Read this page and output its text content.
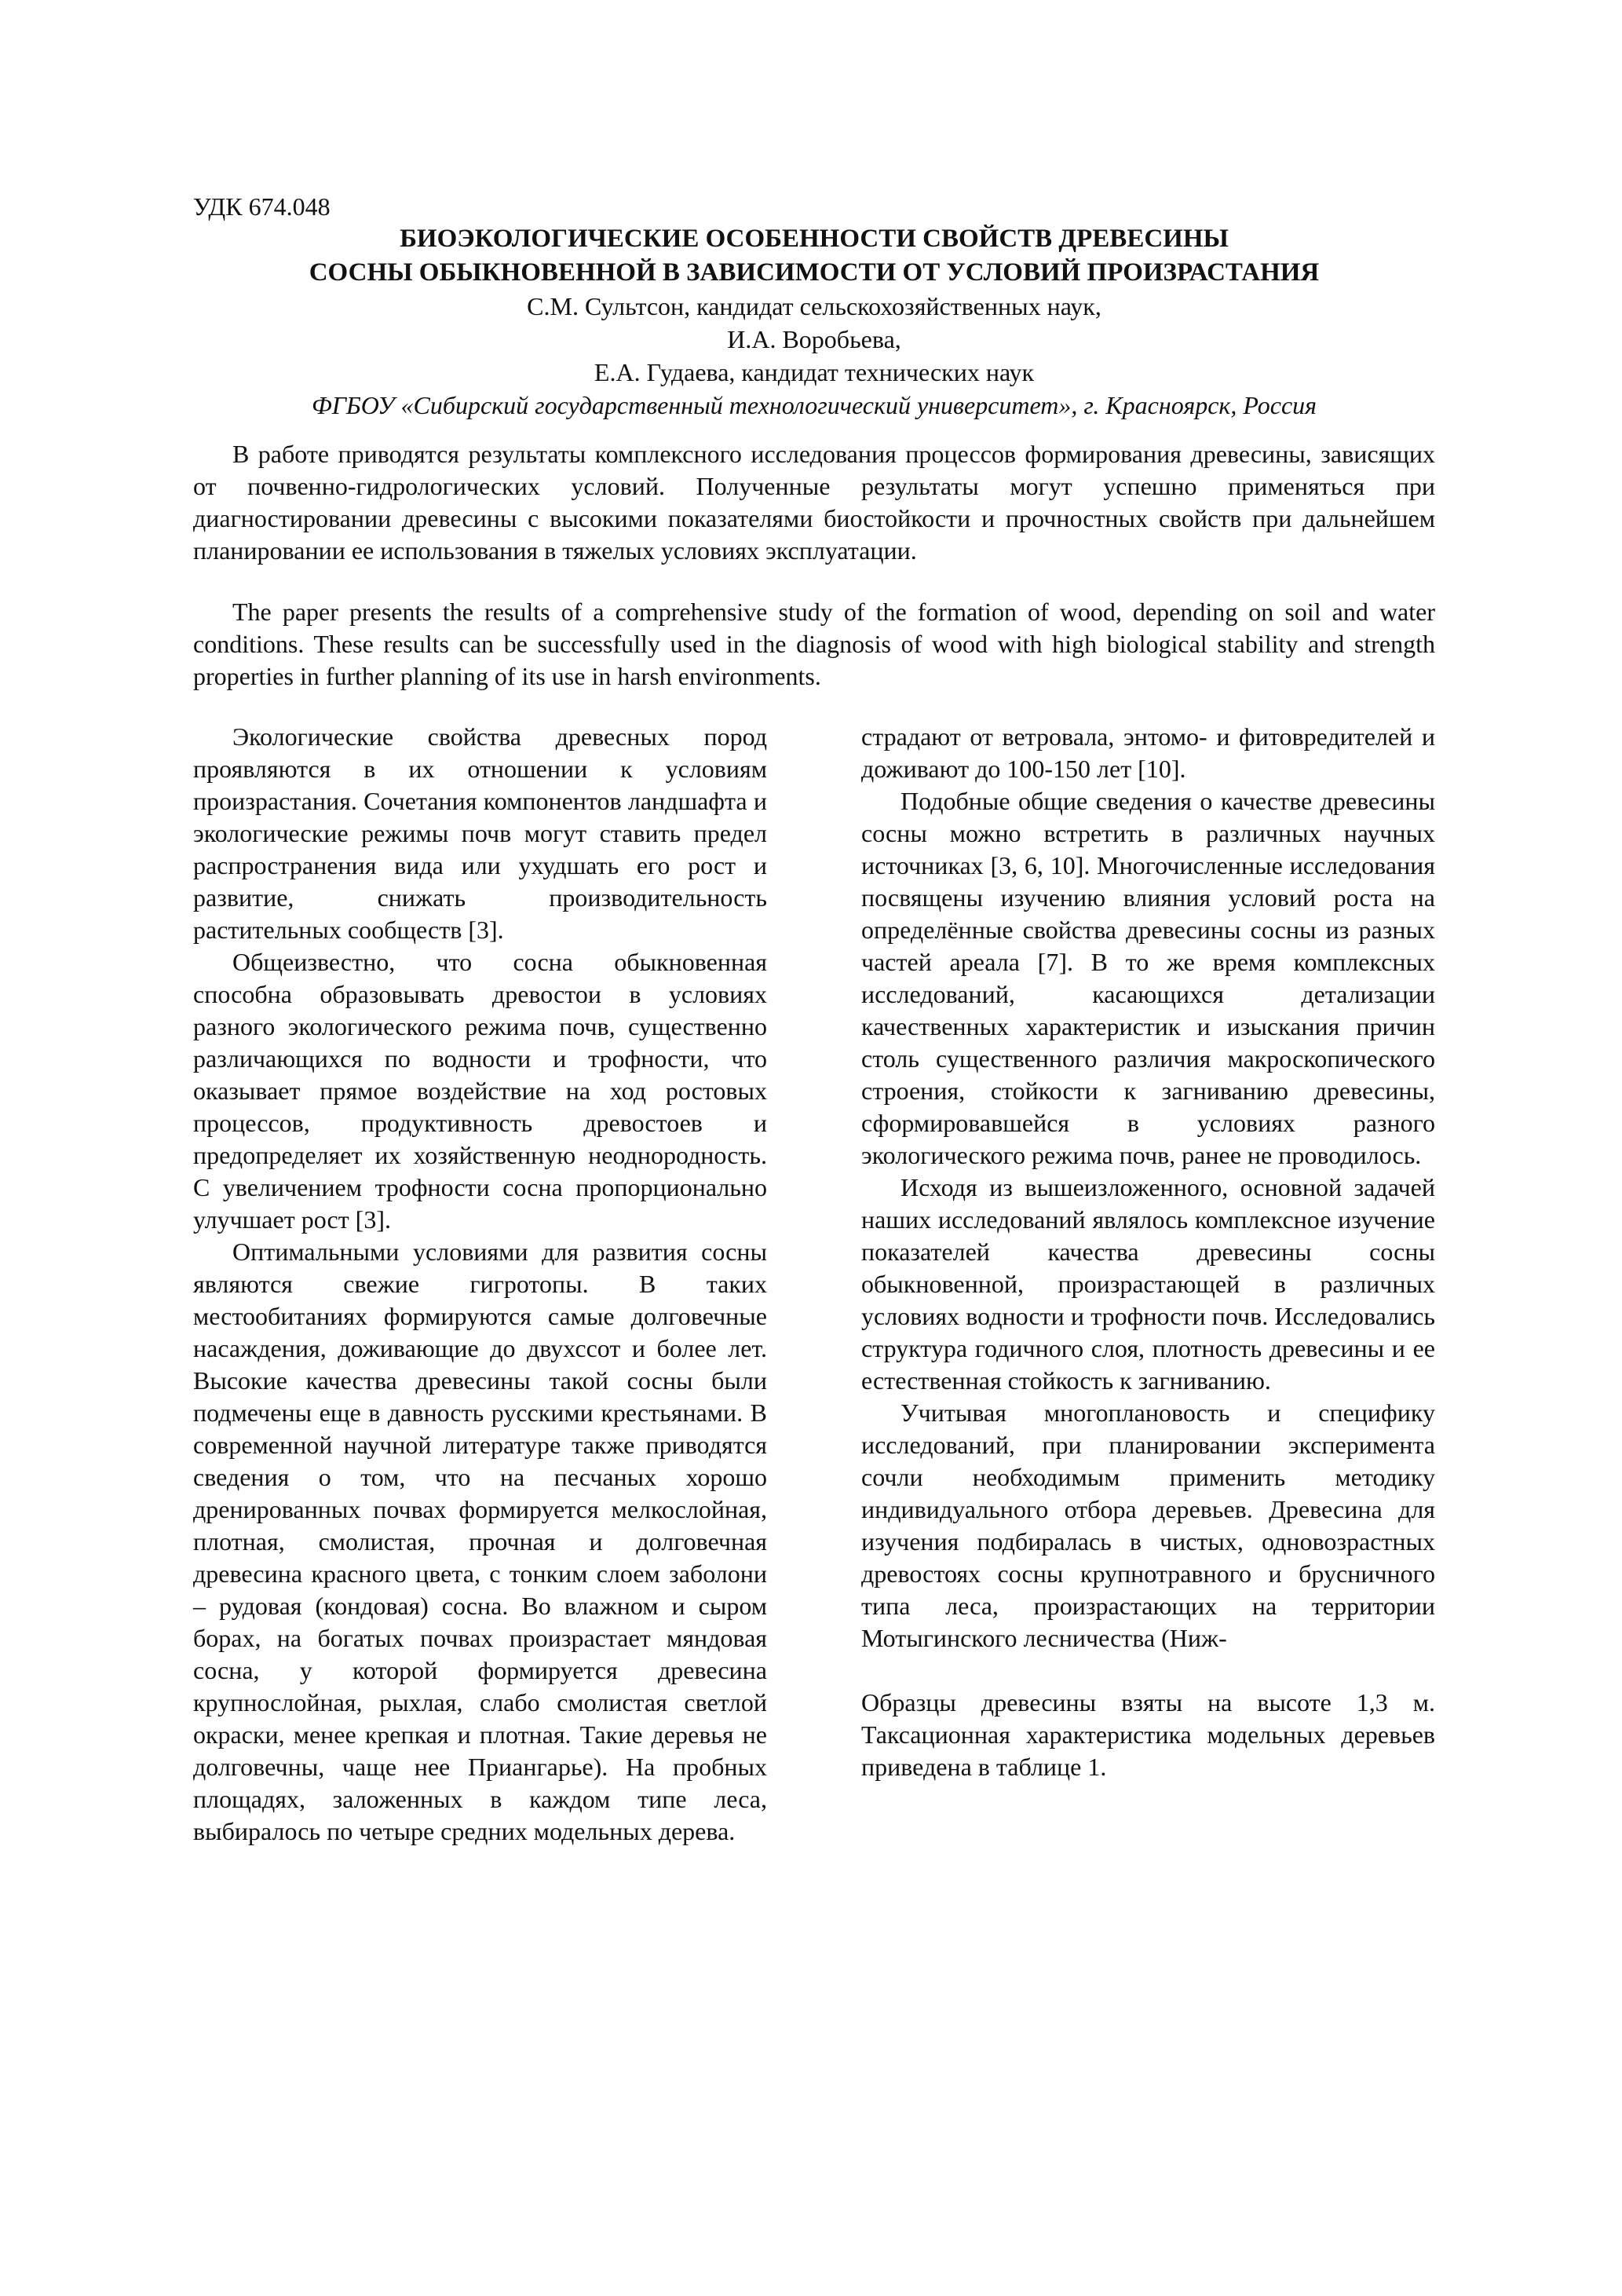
УДК 674.048

БИОЭКОЛОГИЧЕСКИЕ ОСОБЕННОСТИ СВОЙСТВ ДРЕВЕСИНЫ

СОСНЫ ОБЫКНОВЕННОЙ В ЗАВИСИМОСТИ ОТ УСЛОВИЙ ПРОИЗРАСТАНИЯ

С.М. Сультсон, кандидат сельскохозяйственных наук,

И.А. Воробьева,

Е.А. Гудаева, кандидат технических наук

ФГБОУ «Сибирский государственный технологический университет», г. Красноярск, Россия

В работе приводятся результаты комплексного исследования процессов формирования древесины, зависящих от почвенно-гидрологических условий. Полученные результаты могут успешно применяться при диагностировании древесины с высокими показателями биостойкости и прочностных свойств при дальнейшем планировании ее использования в тяжелых условиях эксплуатации.

The paper presents the results of a comprehensive study of the formation of wood, depending on soil and water conditions. These results can be successfully used in the diagnosis of wood with high biological stability and strength properties in further planning of its use in harsh environments.

Экологические свойства древесных пород проявляются в их отношении к условиям произрастания. Сочетания компонентов ландшафта и экологические режимы почв могут ставить предел распространения вида или ухудшать его рост и развитие, снижать производительность растительных сообществ [3].

Общеизвестно, что сосна обыкновенная способна образовывать древостои в условиях разного экологического режима почв, существенно различающихся по водности и трофности, что оказывает прямое воздействие на ход ростовых процессов, продуктивность древостоев и предопределяет их хозяйственную неоднородность. С увеличением трофности сосна пропорционально улучшает рост [3].

Оптимальными условиями для развития сосны являются свежие гигротопы. В таких местообитаниях формируются самые долговечные насаждения, доживающие до двухссот и более лет. Высокие качества древесины такой сосны были подмечены еще в давность русскими крестьянами. В современной научной литературе также приводятся сведения о том, что на песчаных хорошо дренированных почвах формируется мелкослойная, плотная, смолистая, прочная и долговечная древесина красного цвета, с тонким слоем заболони – рудовая (кондовая) сосна. Во влажном и сыром борах, на богатых почвах произрастает мяндовая сосна, у которой формируется древесина крупнослойная, рыхлая, слабо смолистая светлой окраски, менее крепкая и плотная. Такие деревья не долговечны, чаще нее Приангарье). На пробных площадях, заложенных в каждом типе леса, выбиралось по четыре средних модельных дерева.

страдают от ветровала, энтомо- и фитовредителей и доживают до 100-150 лет [10].

Подобные общие сведения о качестве древесины сосны можно встретить в различных научных источниках [3, 6, 10]. Многочисленные исследования посвящены изучению влияния условий роста на определённые свойства древесины сосны из разных частей ареала [7]. В то же время комплексных исследований, касающихся детализации качественных характеристик и изыскания причин столь существенного различия макроскопического строения, стойкости к загниванию древесины, сформировавшейся в условиях разного экологического режима почв, ранее не проводилось.

Исходя из вышеизложенного, основной задачей наших исследований являлось комплексное изучение показателей качества древесины сосны обыкновенной, произрастающей в различных условиях водности и трофности почв. Исследовались структура годичного слоя, плотность древесины и ее естественная стойкость к загниванию.

Учитывая многоплановость и специфику исследований, при планировании эксперимента сочли необходимым применить методику индивидуального отбора деревьев. Древесина для изучения подбиралась в чистых, одновозрастных древостоях сосны крупнотравного и брусничного типа леса, произрастающих на территории Мотыгинского лесничества (Ниж-

Образцы древесины взяты на высоте 1,3 м. Таксационная характеристика модельных деревьев приведена в таблице 1.
